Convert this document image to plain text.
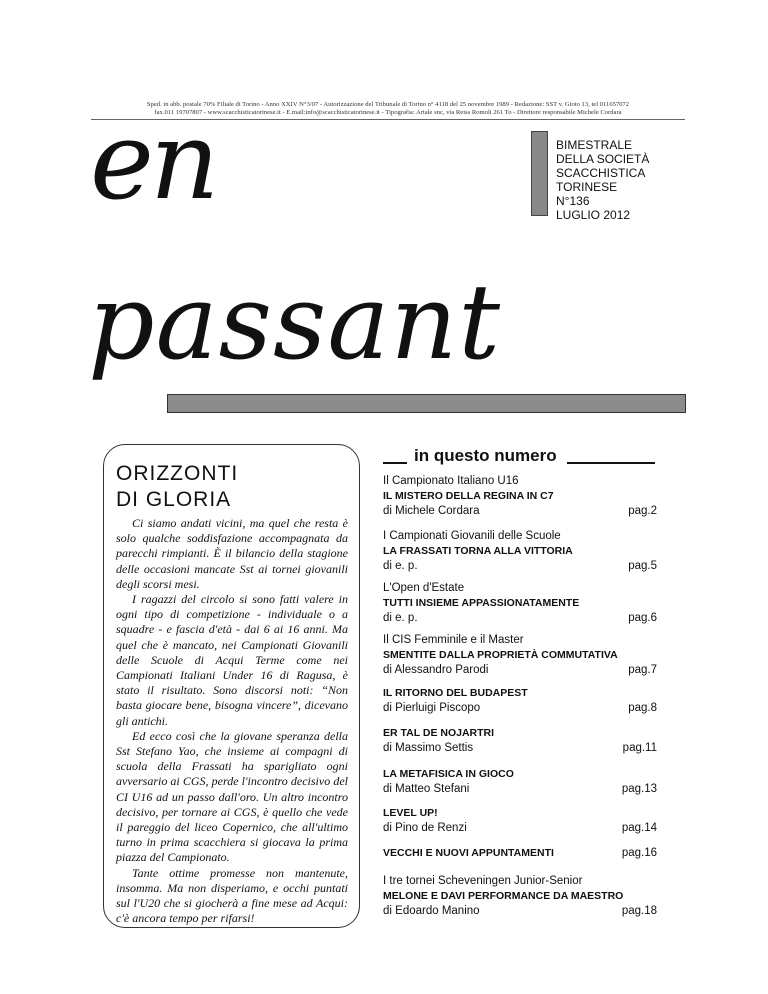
Sped. in abb. postale 70% Filiale di Torino - Anno XXIV N°3/07 - Autorizzazione del Tribunale di Torino n° 4118 del 25 novembre 1989 - Redazione: SST v. Gioto 13, tel 011657072
fax.011 19707807 - www.scacchisticatorinese.it - E.mail:info@scacchisticatorinese.it - Tipografia: Artale snc, via Reiss Romoli 261 To - Direttore responsabile Michele Cordara
en	BIMESTRALE
DELLA SOCIETÀ
SCACCHISTICA
TORINESE
N°136
LUGLIO 2012
passant
ORIZZONTI
DI GLORIA

Ci siamo andati vicini, ma quel che resta è solo qualche soddisfazione accompagnata da parecchi rimpianti. È il bilancio della stagione delle occasioni mancate Sst ai tornei giovanili degli scorsi mesi.

I ragazzi del circolo si sono fatti valere in ogni tipo di competizione - individuale o a squadre - e fascia d'età - dai 6 ai 16 anni. Ma quel che è mancato, nei Campionati Giovanili delle Scuole di Acqui Terme come nei Campionati Italiani Under 16 di Ragusa, è stato il risultato. Sono discorsi noti: “Non basta giocare bene, bisogna vincere”, dicevano gli antichi.

Ed ecco così che la giovane speranza della Sst Stefano Yao, che insieme ai compagni di scuola della Frassati ha sparigliato ogni avversario ai CGS, perde l'incontro decisivo del CI U16 ad un passo dall'oro. Un altro incontro decisivo, per tornare ai CGS, è quello che vede il pareggio del liceo Copernico, che all'ultimo turno in prima scacchiera si giocava la prima piazza del Campionato.

Tante ottime promesse non mantenute, insomma. Ma non disperiamo, e occhi puntati sul l'U20 che si giocherà a fine mese ad Acqui: c'è ancora tempo per rifarsi!

in questo numero
Il Campionato Italiano U16
IL MISTERO DELLA REGINA IN C7
di Michele Cordara	pag.2
I Campionati Giovanili delle Scuole
LA FRASSATI TORNA ALLA VITTORIA
di e. p.	pag.5
L'Open d'Estate
TUTTI INSIEME APPASSIONATAMENTE
di e. p.	pag.6
Il CIS Femminile e il Master
SMENTITE DALLA PROPRIETÀ COMMUTATIVA
di Alessandro Parodi	pag.7
IL RITORNO DEL BUDAPEST
di Pierluigi Piscopo	pag.8
ER TAL DE NOJARTRI
di Massimo Settis	pag.11
LA METAFISICA IN GIOCO
di Matteo Stefani	pag.13
LEVEL UP!
di Pino de Renzi	pag.14
VECCHI E NUOVI APPUNTAMENTI	pag.16
I tre tornei Scheveningen Junior-Senior
MELONE E DAVI PERFORMANCE DA MAESTRO
di Edoardo Manino	pag.18
